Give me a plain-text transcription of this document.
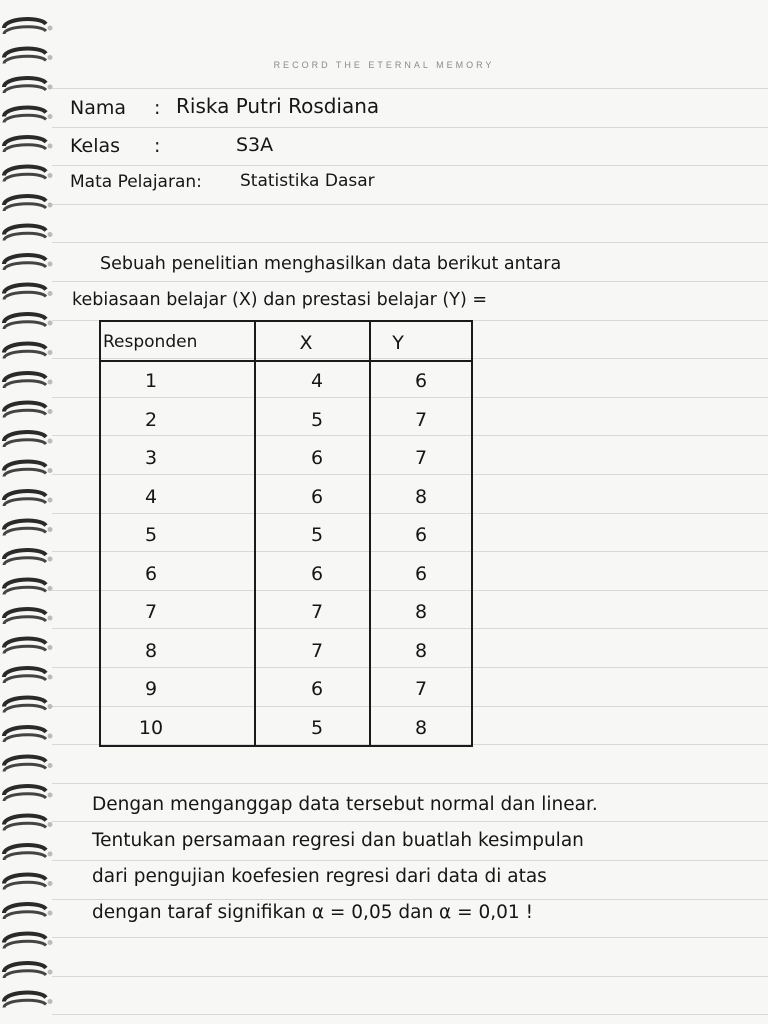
RECORD THE ETERNAL MEMORY
Nama : Riska Putri Rosdiana
Kelas :	S3A
Mata Pelajaran: Statistika Dasar
Sebuah penelitian menghasilkan data berikut antara
kebiasaan belajar (X) dan prestasi belajar (Y) =
Responden	X	Y
1	4	6
2	5	7
3	6	7
4	6	8
5	5	6
6	6	6
7	7	8
8	7	8
9	6	7
10	5	8
Dengan menganggap data tersebut normal dan linear.
Tentukan persamaan regresi dan buatlah kesimpulan
dari pengujian koefesien regresi dari data di atas
dengan taraf signifikan α = 0,05 dan α = 0,01 !
